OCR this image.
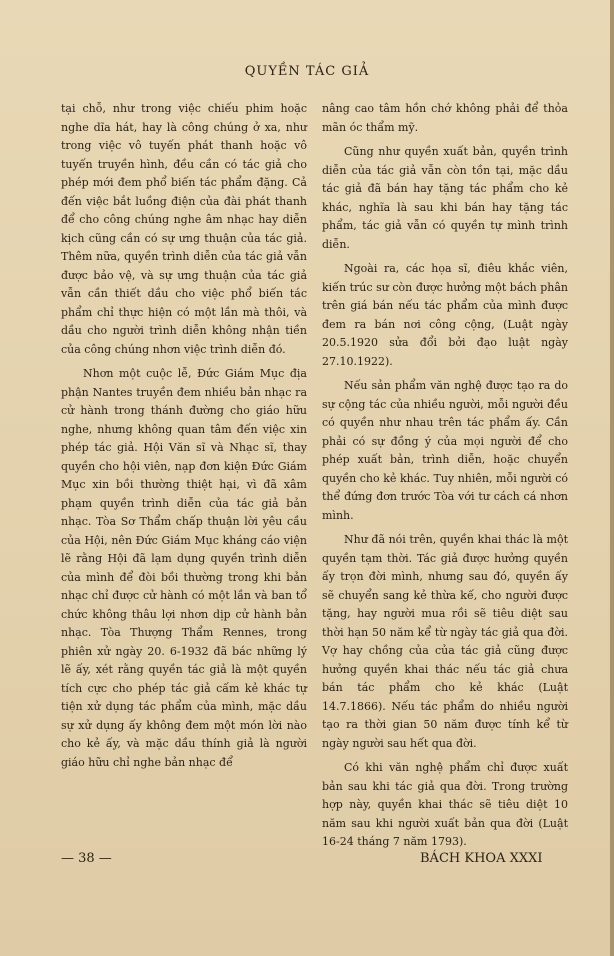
QUYỀN TÁC GIẢ

tại chỗ, như trong việc chiếu phim hoặc nghe dĩa hát, hay là công chúng ở xa, như trong việc vô tuyến phát thanh hoặc vô tuyến truyền hình, đều cần có tác giả cho phép mới đem phổ biến tác phẩm đặng. Cả đến việc bắt luồng điện của đài phát thanh để cho công chúng nghe âm nhạc hay diễn kịch cũng cần có sự ưng thuận của tác giả. Thêm nữa, quyền trình diễn của tác giả vẫn được bảo vệ, và sự ưng thuận của tác giả vẫn cần thiết dầu cho việc phổ biến tác phẩm chỉ thực hiện có một lần mà thôi, và dầu cho người trình diễn không nhận tiền của công chúng nhơn việc trình diễn đó.

Nhơn một cuộc lễ, Đức Giám Mục địa phận Nantes truyền đem nhiều bản nhạc ra cử hành trong thánh đường cho giáo hữu nghe, nhưng không quan tâm đến việc xin phép tác giả. Hội Văn sĩ và Nhạc sĩ, thay quyền cho hội viên, nạp đơn kiện Đức Giám Mục xin bồi thường thiệt hại, vì đã xâm phạm quyền trình diễn của tác giả bản nhạc. Tòa Sơ Thẩm chấp thuận lời yêu cầu của Hội, nên Đức Giám Mục kháng cáo viện lẽ rằng Hội đã lạm dụng quyền trình diễn của mình để đòi bồi thường trong khi bản nhạc chỉ được cử hành có một lần và ban tổ chức không thâu lợi nhơn dịp cử hành bản nhạc. Tòa Thượng Thẩm Rennes, trong phiên xử ngày 20. 6-1932 đã bác những lý lẽ ấy, xét rằng quyền tác giả là một quyền tích cực cho phép tác giả cấm kẻ khác tự tiện xử dụng tác phẩm của mình, mặc dầu sự xử dụng ấy không đem một món lời nào cho kẻ ấy, và mặc dầu thính giả là người giáo hữu chỉ nghe bản nhạc để

nâng cao tâm hồn chớ không phải để thỏa mãn óc thẩm mỹ.

Cũng như quyền xuất bản, quyền trình diễn của tác giả vẫn còn tồn tại, mặc dầu tác giả đã bán hay tặng tác phẩm cho kẻ khác, nghĩa là sau khi bán hay tặng tác phẩm, tác giả vẫn có quyền tự mình trình diễn.

Ngoài ra, các họa sĩ, điêu khắc viên, kiến trúc sư còn được hưởng một bách phân trên giá bán nếu tác phẩm của mình được đem ra bán nơi công cộng, (Luật ngày 20.5.1920 sửa đổi bởi đạo luật ngày 27.10.1922).

Nếu sản phẩm văn nghệ được tạo ra do sự cộng tác của nhiều người, mỗi người đều có quyền như nhau trên tác phẩm ấy. Cần phải có sự đồng ý của mọi người để cho phép xuất bản, trình diễn, hoặc chuyển quyền cho kẻ khác. Tuy nhiên, mỗi người có thể đứng đơn trước Tòa với tư cách cá nhơn mình.

Như đã nói trên, quyền khai thác là một quyền tạm thời. Tác giả được hưởng quyền ấy trọn đời mình, nhưng sau đó, quyền ấy sẽ chuyển sang kẻ thừa kế, cho người được tặng, hay người mua rồi sẽ tiêu diệt sau thời hạn 50 năm kể từ ngày tác giả qua đời. Vợ hay chồng của của tác giả cũng được hưởng quyền khai thác nếu tác giả chưa bán tác phẩm cho kẻ khác (Luật 14.7.1866). Nếu tác phẩm do nhiều người tạo ra thời gian 50 năm được tính kể từ ngày người sau hết qua đời.

Có khi văn nghệ phẩm chỉ được xuất bản sau khi tác giả qua đời. Trong trường hợp này, quyền khai thác sẽ tiêu diệt 10 năm sau khi người xuất bản qua đời (Luật 16-24 tháng 7 năm 1793).

— 38 —	BÁCH KHOA XXXI
